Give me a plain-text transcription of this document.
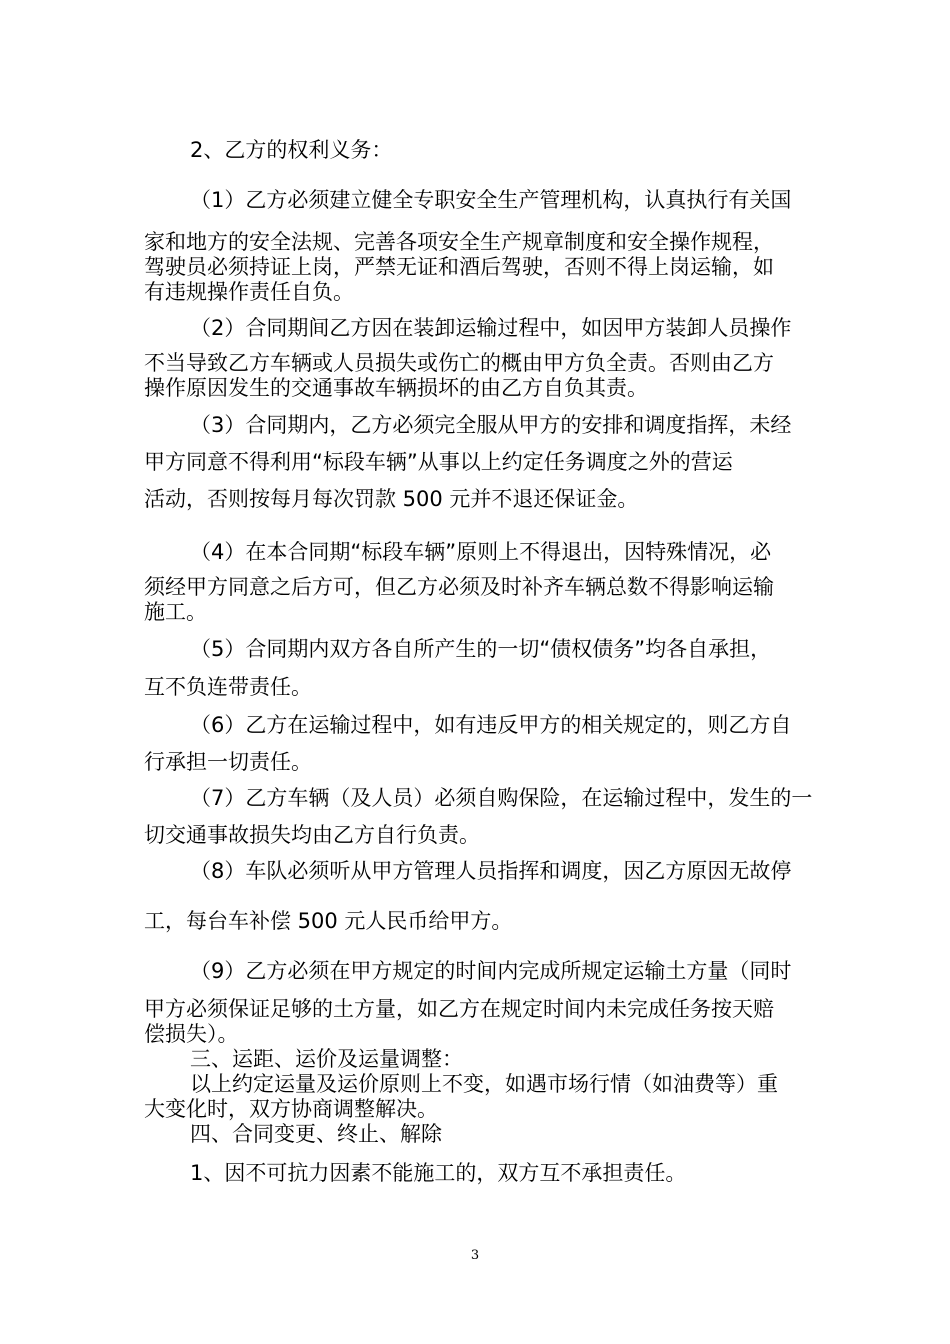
2、乙方的权利义务：
（1）乙方必须建立健全专职安全生产管理机构，认真执行有关国
家和地方的安全法规、完善各项安全生产规章制度和安全操作规程，
驾驶员必须持证上岗，严禁无证和酒后驾驶，否则不得上岗运输，如
有违规操作责任自负。
（2）合同期间乙方因在装卸运输过程中，如因甲方装卸人员操作
不当导致乙方车辆或人员损失或伤亡的概由甲方负全责。否则由乙方
操作原因发生的交通事故车辆损坏的由乙方自负其责。
（3）合同期内，乙方必须完全服从甲方的安排和调度指挥，未经
甲方同意不得利用“标段车辆”从事以上约定任务调度之外的营运
活动，否则按每月每次罚款 500 元并不退还保证金。
（4）在本合同期“标段车辆”原则上不得退出，因特殊情况，必
须经甲方同意之后方可，但乙方必须及时补齐车辆总数不得影响运输
施工。
（5）合同期内双方各自所产生的一切“债权债务”均各自承担，
互不负连带责任。
（6）乙方在运输过程中，如有违反甲方的相关规定的，则乙方自
行承担一切责任。
（7）乙方车辆（及人员）必须自购保险，在运输过程中，发生的一
切交通事故损失均由乙方自行负责。
（8）车队必须听从甲方管理人员指挥和调度，因乙方原因无故停
工，每台车补偿 500 元人民币给甲方。
（9）乙方必须在甲方规定的时间内完成所规定运输土方量（同时
甲方必须保证足够的土方量，如乙方在规定时间内未完成任务按天赔
偿损失）。
三、运距、运价及运量调整：
以上约定运量及运价原则上不变，如遇市场行情（如油费等）重
大变化时，双方协商调整解决。
四、合同变更、终止、解除
1、因不可抗力因素不能施工的，双方互不承担责任。
3
